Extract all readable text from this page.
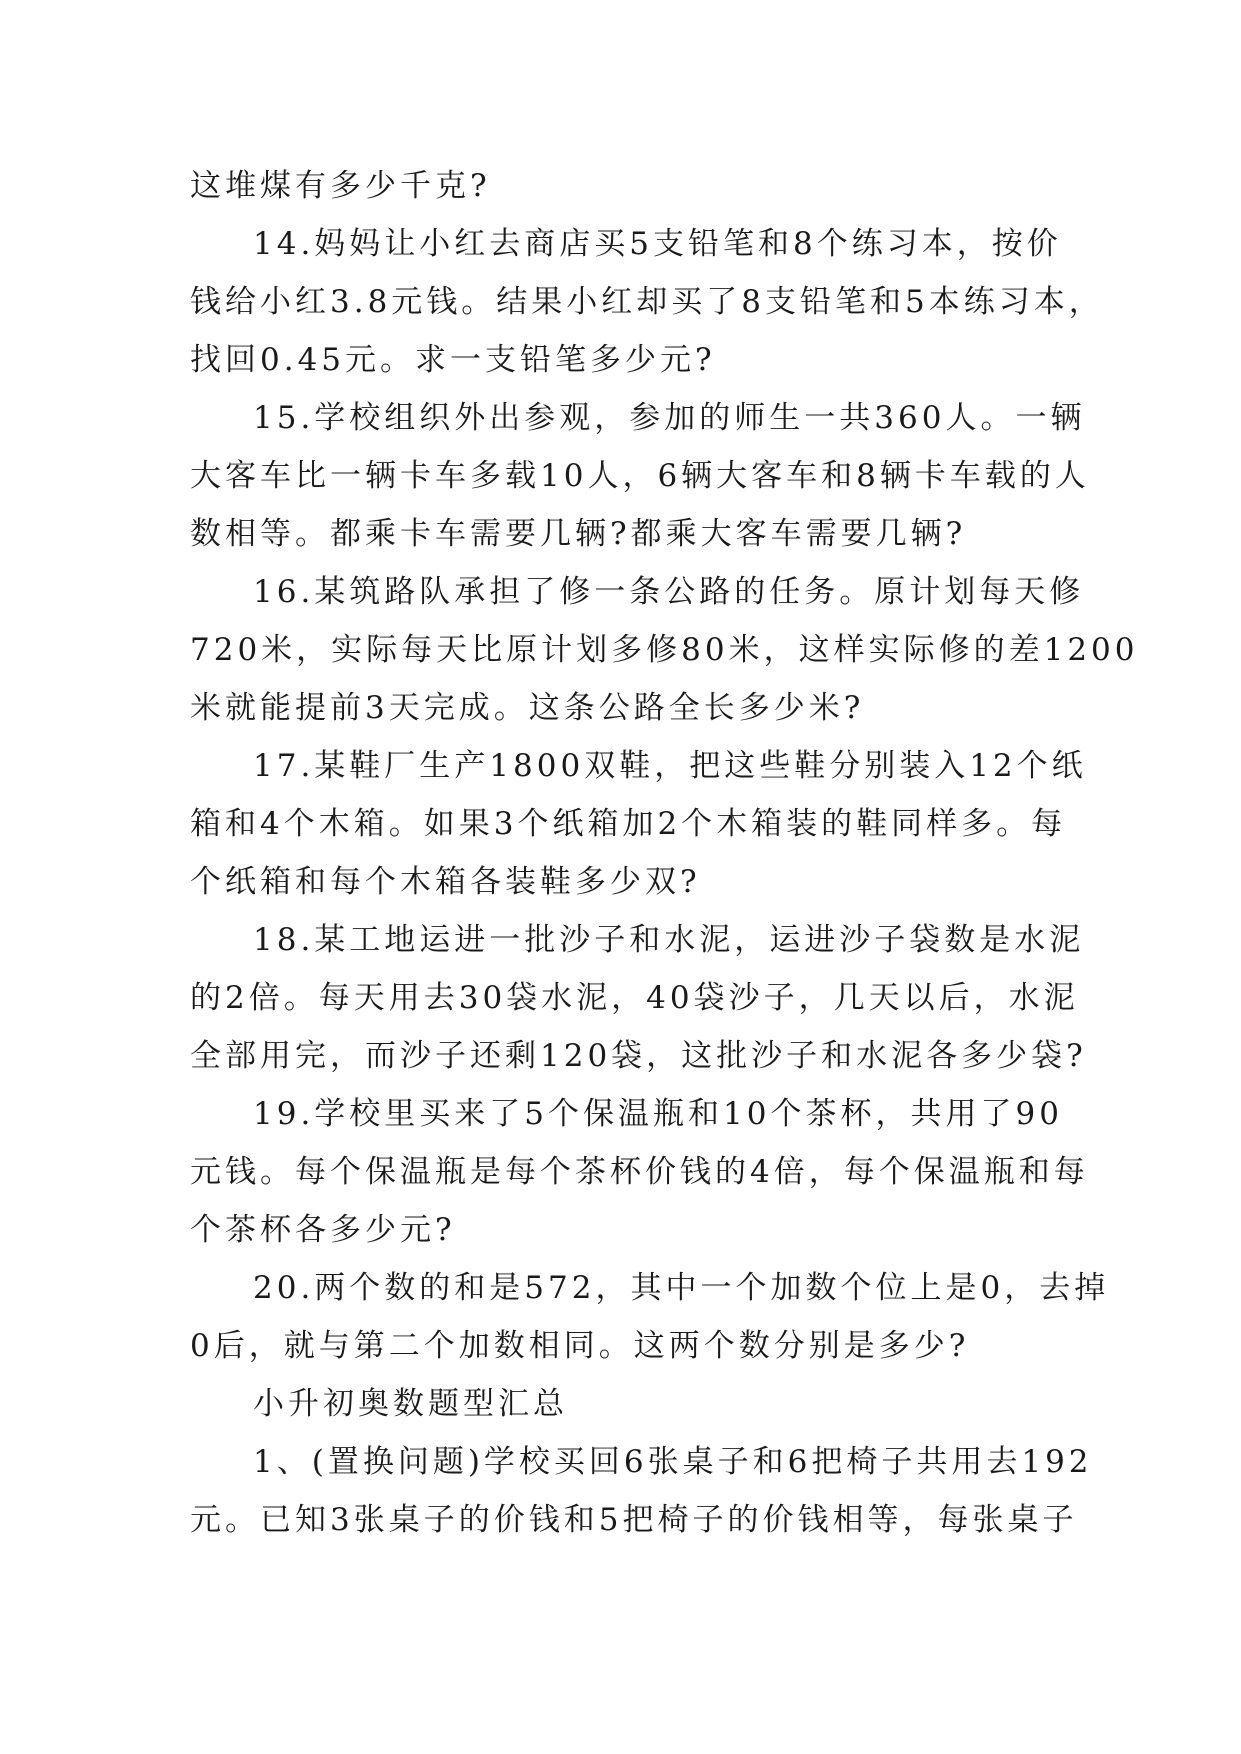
这堆煤有多少千克?
14.妈妈让小红去商店买5支铅笔和8个练习本，按价
钱给小红3.8元钱。结果小红却买了8支铅笔和5本练习本，
找回0.45元。求一支铅笔多少元?
15.学校组织外出参观，参加的师生一共360人。一辆
大客车比一辆卡车多载10人，6辆大客车和8辆卡车载的人
数相等。都乘卡车需要几辆?都乘大客车需要几辆?
16.某筑路队承担了修一条公路的任务。原计划每天修
720米，实际每天比原计划多修80米，这样实际修的差1200
米就能提前3天完成。这条公路全长多少米?
17.某鞋厂生产1800双鞋，把这些鞋分别装入12个纸
箱和4个木箱。如果3个纸箱加2个木箱装的鞋同样多。每
个纸箱和每个木箱各装鞋多少双?
18.某工地运进一批沙子和水泥，运进沙子袋数是水泥
的2倍。每天用去30袋水泥，40袋沙子，几天以后，水泥
全部用完，而沙子还剩120袋，这批沙子和水泥各多少袋?
19.学校里买来了5个保温瓶和10个茶杯，共用了90
元钱。每个保温瓶是每个茶杯价钱的4倍，每个保温瓶和每
个茶杯各多少元?
20.两个数的和是572，其中一个加数个位上是0，去掉
0后，就与第二个加数相同。这两个数分别是多少?
小升初奥数题型汇总
1、(置换问题)学校买回6张桌子和6把椅子共用去192
元。已知3张桌子的价钱和5把椅子的价钱相等，每张桌子
